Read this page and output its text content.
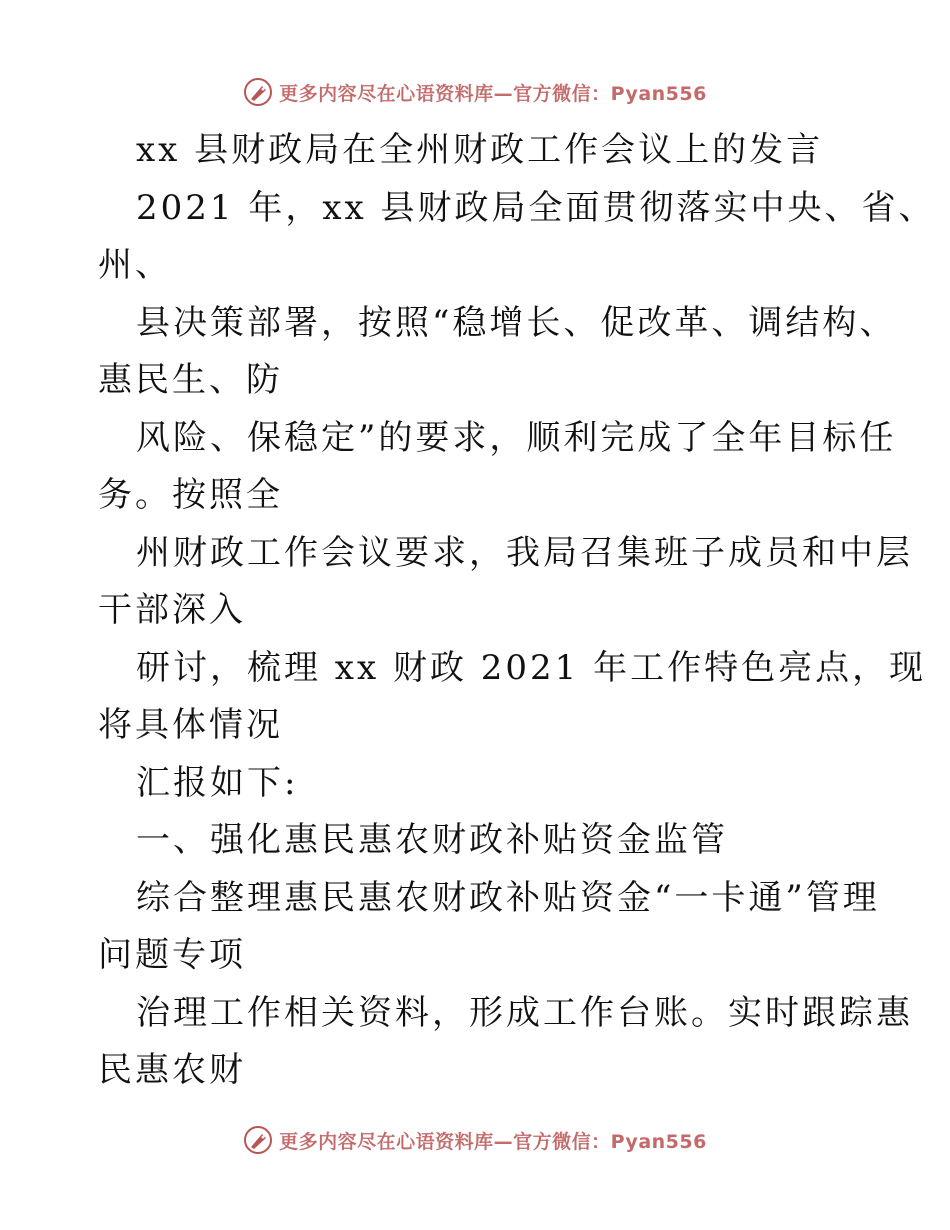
更多内容尽在心语资料库—官方微信：Pyan556
xx 县财政局在全州财政工作会议上的发言
2021 年，xx 县财政局全面贯彻落实中央、省、
州、
县决策部署，按照“稳增长、促改革、调结构、
惠民生、防
风险、保稳定”的要求，顺利完成了全年目标任
务。按照全
州财政工作会议要求，我局召集班子成员和中层
干部深入
研讨，梳理 xx 财政 2021 年工作特色亮点，现
将具体情况
汇报如下:
一、强化惠民惠农财政补贴资金监管
综合整理惠民惠农财政补贴资金“一卡通”管理
问题专项
治理工作相关资料，形成工作台账。实时跟踪惠
民惠农财
更多内容尽在心语资料库—官方微信：Pyan556
